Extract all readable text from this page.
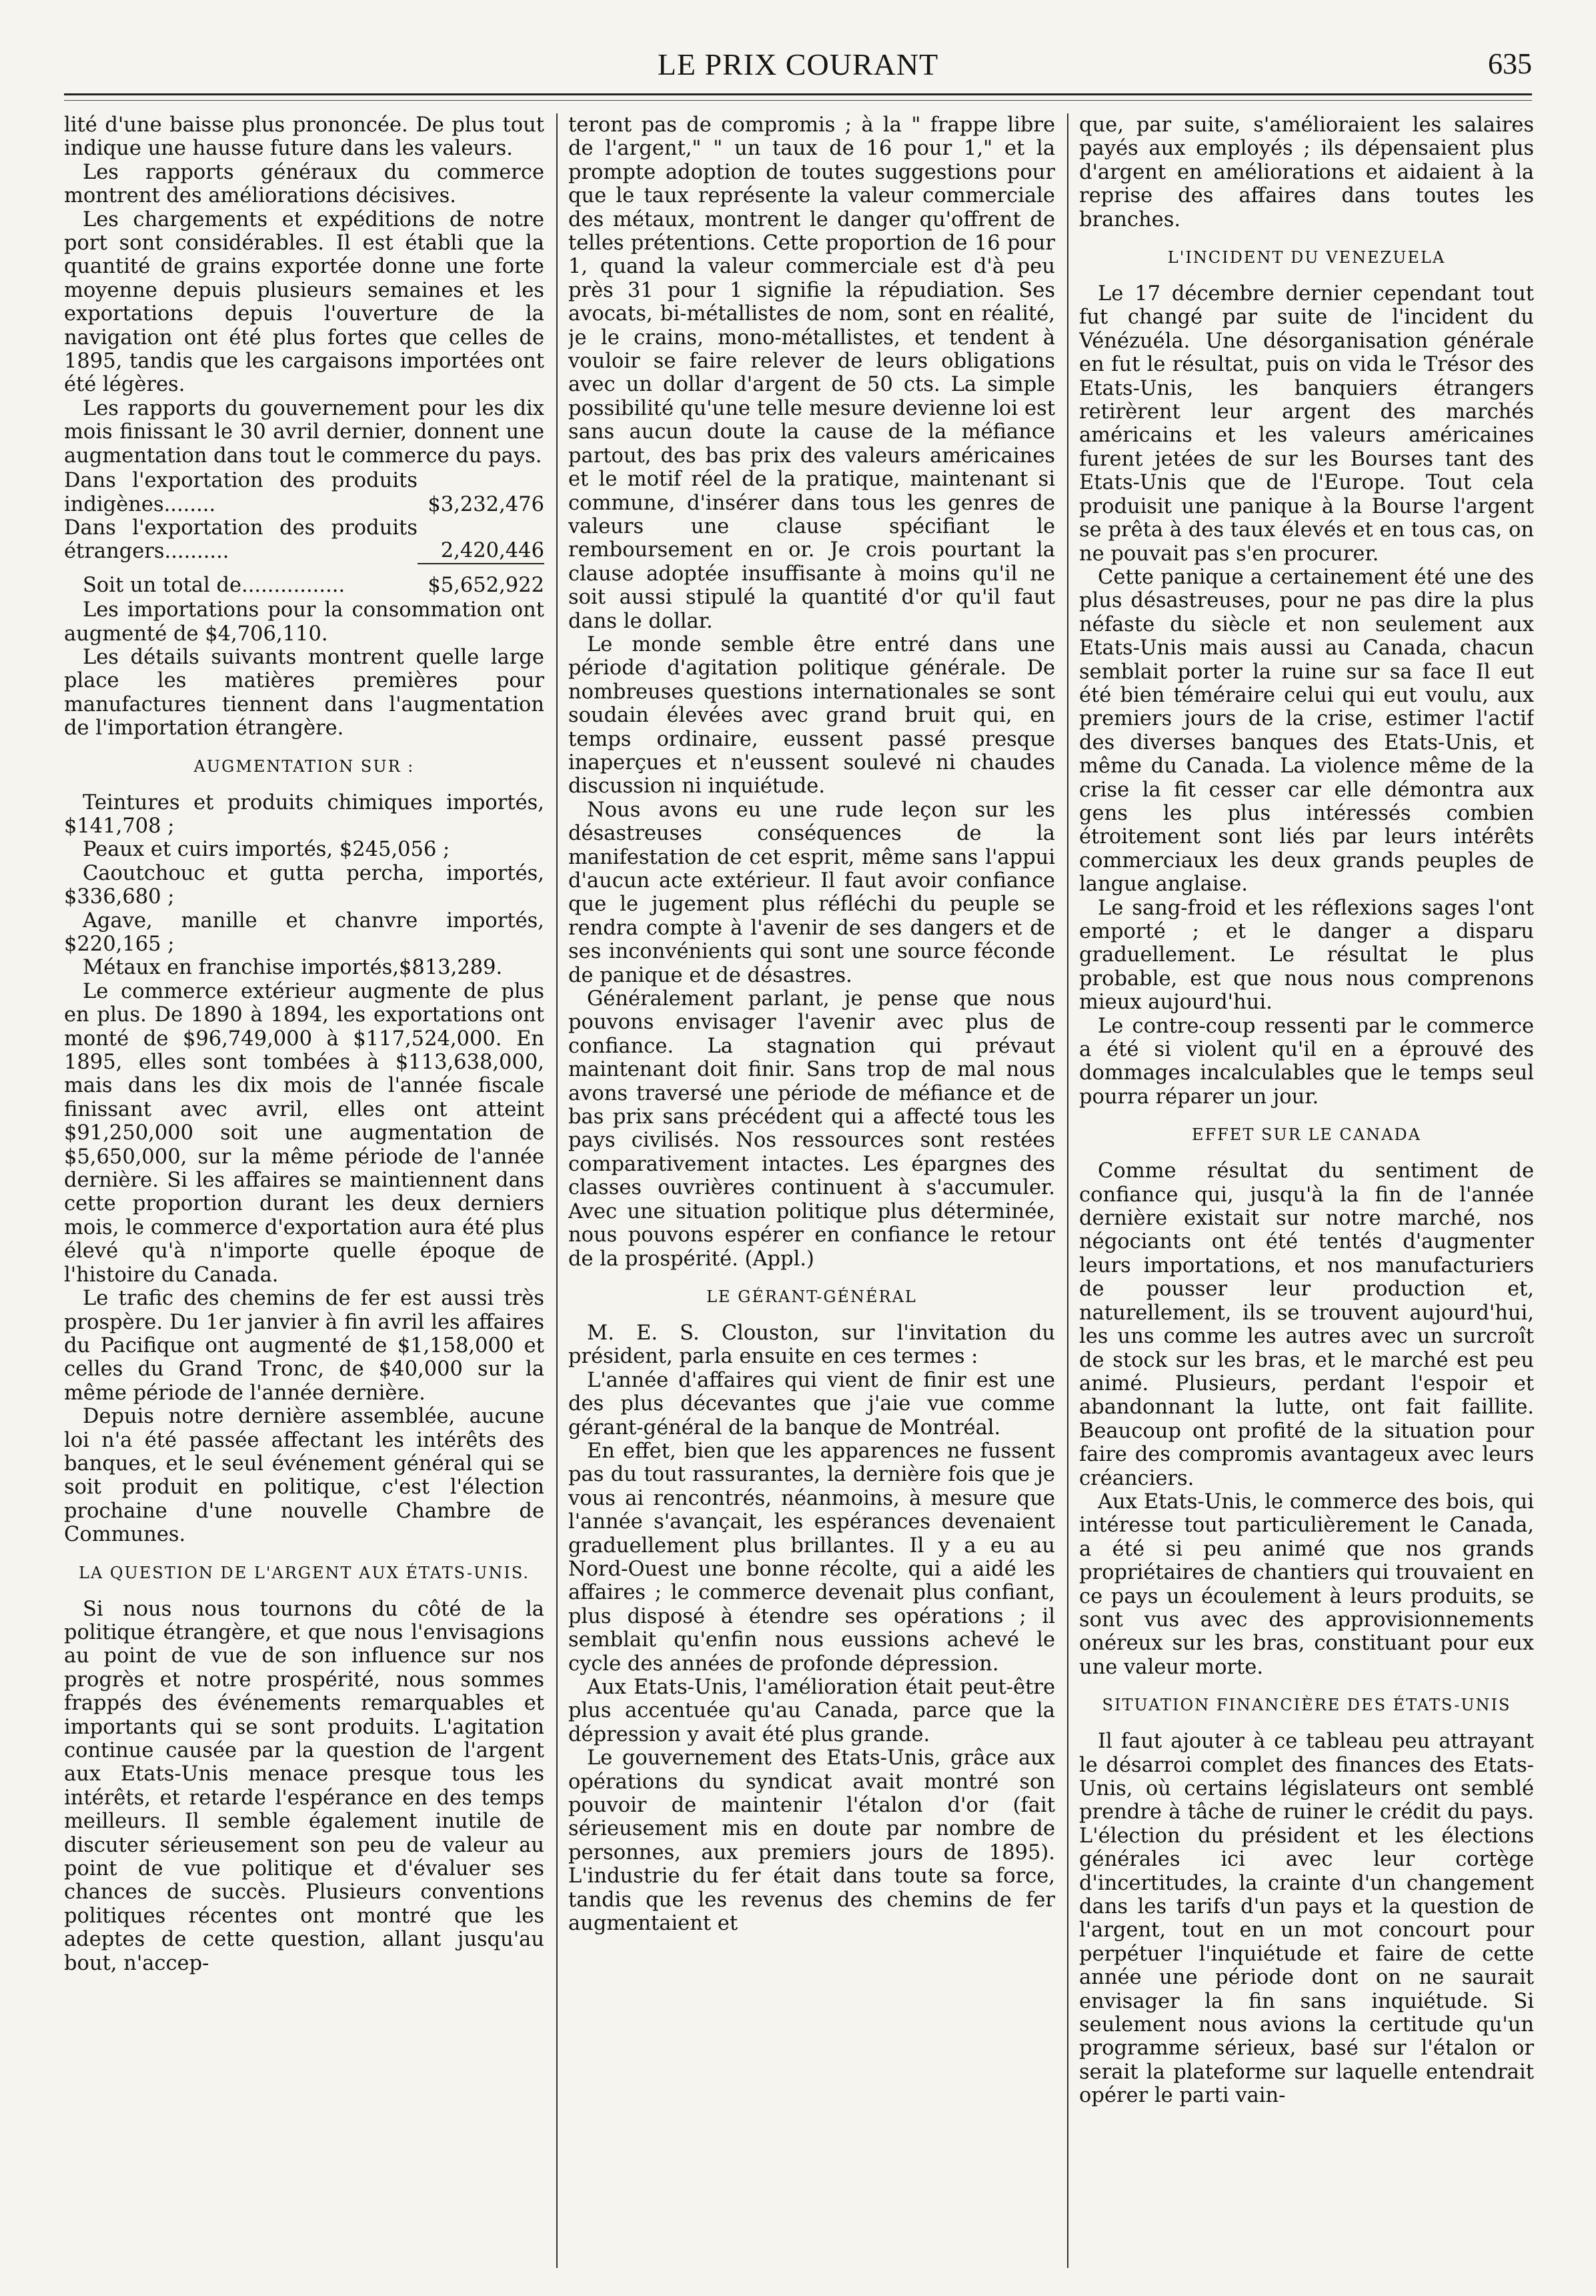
LE PRIX COURANT	635

lité d'une baisse plus prononcée. De plus tout indique une hausse future dans les valeurs.

Les rapports généraux du commerce montrent des améliorations décisives.

Les chargements et expéditions de notre port sont considérables. Il est établi que la quantité de grains exportée donne une forte moyenne depuis plusieurs semaines et les exportations depuis l'ouverture de la navigation ont été plus fortes que celles de 1895, tandis que les cargaisons importées ont été légères.

Les rapports du gouvernement pour les dix mois finissant le 30 avril dernier, donnent une augmentation dans tout le commerce du pays.

Dans l'exportation des produits indigènes........	$3,232,476
Dans l'exportation des produits étrangers..........	2,420,446
Soit un total de................	$5,652,922

Les importations pour la consommation ont augmenté de $4,706,110.

Les détails suivants montrent quelle large place les matières premières pour manufactures tiennent dans l'augmentation de l'importation étrangère.

AUGMENTATION SUR :

Teintures et produits chimiques importés, $141,708 ;

Peaux et cuirs importés, $245,056 ;

Caoutchouc et gutta percha, importés, $336,680 ;

Agave, manille et chanvre importés, $220,165 ;

Métaux en franchise importés,$813,289.

Le commerce extérieur augmente de plus en plus. De 1890 à 1894, les exportations ont monté de $96,749,000 à $117,524,000. En 1895, elles sont tombées à $113,638,000, mais dans les dix mois de l'année fiscale finissant avec avril, elles ont atteint $91,250,000 soit une augmentation de $5,650,000, sur la même période de l'année dernière. Si les affaires se maintiennent dans cette proportion durant les deux derniers mois, le commerce d'exportation aura été plus élevé qu'à n'importe quelle époque de l'histoire du Canada.

Le trafic des chemins de fer est aussi très prospère. Du 1er janvier à fin avril les affaires du Pacifique ont augmenté de $1,158,000 et celles du Grand Tronc, de $40,000 sur la même période de l'année dernière.

Depuis notre dernière assemblée, aucune loi n'a été passée affectant les intérêts des banques, et le seul événement général qui se soit produit en politique, c'est l'élection prochaine d'une nouvelle Chambre de Communes.

LA QUESTION DE L'ARGENT AUX ÉTATS-UNIS.

Si nous nous tournons du côté de la politique étrangère, et que nous l'envisagions au point de vue de son influence sur nos progrès et notre prospérité, nous sommes frappés des événements remarquables et importants qui se sont produits. L'agitation continue causée par la question de l'argent aux Etats-Unis menace presque tous les intérêts, et retarde l'espérance en des temps meilleurs. Il semble également inutile de discuter sérieusement son peu de valeur au point de vue politique et d'évaluer ses chances de succès. Plusieurs conventions politiques récentes ont montré que les adeptes de cette question, allant jusqu'au bout, n'accep-

teront pas de compromis ; à la " frappe libre de l'argent," " un taux de 16 pour 1," et la prompte adoption de toutes suggestions pour que le taux représente la valeur commerciale des métaux, montrent le danger qu'offrent de telles prétentions. Cette proportion de 16 pour 1, quand la valeur commerciale est d'à peu près 31 pour 1 signifie la répudiation. Ses avocats, bi-métallistes de nom, sont en réalité, je le crains, mono-métallistes, et tendent à vouloir se faire relever de leurs obligations avec un dollar d'argent de 50 cts. La simple possibilité qu'une telle mesure devienne loi est sans aucun doute la cause de la méfiance partout, des bas prix des valeurs américaines et le motif réel de la pratique, maintenant si commune, d'insérer dans tous les genres de valeurs une clause spécifiant le remboursement en or. Je crois pourtant la clause adoptée insuffisante à moins qu'il ne soit aussi stipulé la quantité d'or qu'il faut dans le dollar.

Le monde semble être entré dans une période d'agitation politique générale. De nombreuses questions internationales se sont soudain élevées avec grand bruit qui, en temps ordinaire, eussent passé presque inaperçues et n'eussent soulevé ni chaudes discussion ni inquiétude.

Nous avons eu une rude leçon sur les désastreuses conséquences de la manifestation de cet esprit, même sans l'appui d'aucun acte extérieur. Il faut avoir confiance que le jugement plus réfléchi du peuple se rendra compte à l'avenir de ses dangers et de ses inconvénients qui sont une source féconde de panique et de désastres.

Généralement parlant, je pense que nous pouvons envisager l'avenir avec plus de confiance. La stagnation qui prévaut maintenant doit finir. Sans trop de mal nous avons traversé une période de méfiance et de bas prix sans précédent qui a affecté tous les pays civilisés. Nos ressources sont restées comparativement intactes. Les épargnes des classes ouvrières continuent à s'accumuler. Avec une situation politique plus déterminée, nous pouvons espérer en confiance le retour de la prospérité. (Appl.)

LE GÉRANT-GÉNÉRAL

M. E. S. Clouston, sur l'invitation du président, parla ensuite en ces termes :

L'année d'affaires qui vient de finir est une des plus décevantes que j'aie vue comme gérant-général de la banque de Montréal.

En effet, bien que les apparences ne fussent pas du tout rassurantes, la dernière fois que je vous ai rencontrés, néanmoins, à mesure que l'année s'avançait, les espérances devenaient graduellement plus brillantes. Il y a eu au Nord-Ouest une bonne récolte, qui a aidé les affaires ; le commerce devenait plus confiant, plus disposé à étendre ses opérations ; il semblait qu'enfin nous eussions achevé le cycle des années de profonde dépression.

Aux Etats-Unis, l'amélioration était peut-être plus accentuée qu'au Canada, parce que la dépression y avait été plus grande.

Le gouvernement des Etats-Unis, grâce aux opérations du syndicat avait montré son pouvoir de maintenir l'étalon d'or (fait sérieusement mis en doute par nombre de personnes, aux premiers jours de 1895). L'industrie du fer était dans toute sa force, tandis que les revenus des chemins de fer augmentaient et

que, par suite, s'amélioraient les salaires payés aux employés ; ils dépensaient plus d'argent en améliorations et aidaient à la reprise des affaires dans toutes les branches.

L'INCIDENT DU VENEZUELA

Le 17 décembre dernier cependant tout fut changé par suite de l'incident du Vénézuéla. Une désorganisation générale en fut le résultat, puis on vida le Trésor des Etats-Unis, les banquiers étrangers retirèrent leur argent des marchés américains et les valeurs américaines furent jetées de sur les Bourses tant des Etats-Unis que de l'Europe. Tout cela produisit une panique à la Bourse l'argent se prêta à des taux élevés et en tous cas, on ne pouvait pas s'en procurer.

Cette panique a certainement été une des plus désastreuses, pour ne pas dire la plus néfaste du siècle et non seulement aux Etats-Unis mais aussi au Canada, chacun semblait porter la ruine sur sa face Il eut été bien téméraire celui qui eut voulu, aux premiers jours de la crise, estimer l'actif des diverses banques des Etats-Unis, et même du Canada. La violence même de la crise la fit cesser car elle démontra aux gens les plus intéressés combien étroitement sont liés par leurs intérêts commerciaux les deux grands peuples de langue anglaise.

Le sang-froid et les réflexions sages l'ont emporté ; et le danger a disparu graduellement. Le résultat le plus probable, est que nous nous comprenons mieux aujourd'hui.

Le contre-coup ressenti par le commerce a été si violent qu'il en a éprouvé des dommages incalculables que le temps seul pourra réparer un jour.

EFFET SUR LE CANADA

Comme résultat du sentiment de confiance qui, jusqu'à la fin de l'année dernière existait sur notre marché, nos négociants ont été tentés d'augmenter leurs importations, et nos manufacturiers de pousser leur production et, naturellement, ils se trouvent aujourd'hui, les uns comme les autres avec un surcroît de stock sur les bras, et le marché est peu animé. Plusieurs, perdant l'espoir et abandonnant la lutte, ont fait faillite. Beaucoup ont profité de la situation pour faire des compromis avantageux avec leurs créanciers.

Aux Etats-Unis, le commerce des bois, qui intéresse tout particulièrement le Canada, a été si peu animé que nos grands propriétaires de chantiers qui trouvaient en ce pays un écoulement à leurs produits, se sont vus avec des approvisionnements onéreux sur les bras, constituant pour eux une valeur morte.

SITUATION FINANCIÈRE DES ÉTATS-UNIS

Il faut ajouter à ce tableau peu attrayant le désarroi complet des finances des Etats-Unis, où certains législateurs ont semblé prendre à tâche de ruiner le crédit du pays. L'élection du président et les élections générales ici avec leur cortège d'incertitudes, la crainte d'un changement dans les tarifs d'un pays et la question de l'argent, tout en un mot concourt pour perpétuer l'inquiétude et faire de cette année une période dont on ne saurait envisager la fin sans inquiétude. Si seulement nous avions la certitude qu'un programme sérieux, basé sur l'étalon or serait la plateforme sur laquelle entendrait opérer le parti vain-
